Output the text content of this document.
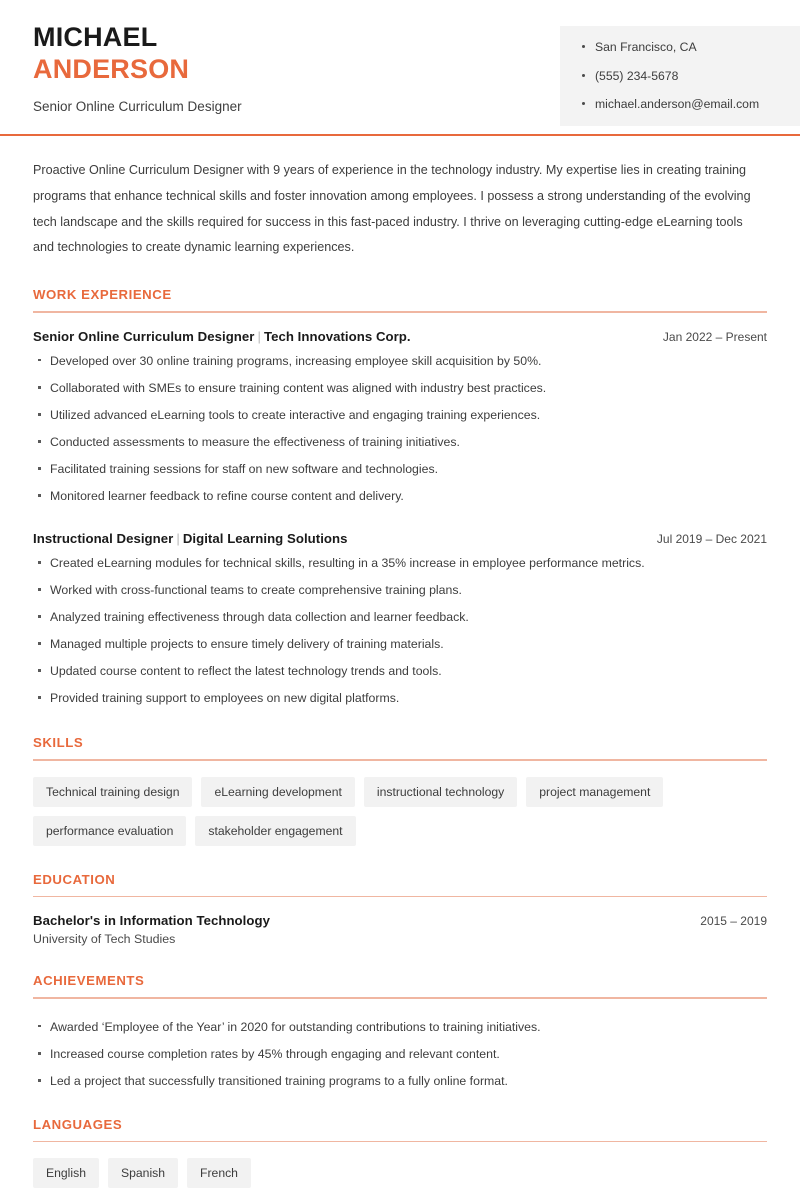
MICHAEL
ANDERSON
Senior Online Curriculum Designer
San Francisco, CA
(555) 234-5678
michael.anderson@email.com

Proactive Online Curriculum Designer with 9 years of experience in the technology industry. My expertise lies in creating training programs that enhance technical skills and foster innovation among employees. I possess a strong understanding of the evolving tech landscape and the skills required for success in this fast-paced industry. I thrive on leveraging cutting-edge eLearning tools and technologies to create dynamic learning experiences.

WORK EXPERIENCE
Senior Online Curriculum Designer | Tech Innovations Corp.	Jan 2022 – Present
Developed over 30 online training programs, increasing employee skill acquisition by 50%.
Collaborated with SMEs to ensure training content was aligned with industry best practices.
Utilized advanced eLearning tools to create interactive and engaging training experiences.
Conducted assessments to measure the effectiveness of training initiatives.
Facilitated training sessions for staff on new software and technologies.
Monitored learner feedback to refine course content and delivery.
Instructional Designer | Digital Learning Solutions	Jul 2019 – Dec 2021
Created eLearning modules for technical skills, resulting in a 35% increase in employee performance metrics.
Worked with cross-functional teams to create comprehensive training plans.
Analyzed training effectiveness through data collection and learner feedback.
Managed multiple projects to ensure timely delivery of training materials.
Updated course content to reflect the latest technology trends and tools.
Provided training support to employees on new digital platforms.
SKILLS
Technical training design	eLearning development	instructional technology	project management
performance evaluation	stakeholder engagement
EDUCATION
Bachelor's in Information Technology	2015 – 2019
University of Tech Studies
ACHIEVEMENTS
Awarded ‘Employee of the Year’ in 2020 for outstanding contributions to training initiatives.
Increased course completion rates by 45% through engaging and relevant content.
Led a project that successfully transitioned training programs to a fully online format.
LANGUAGES
English	Spanish	French
